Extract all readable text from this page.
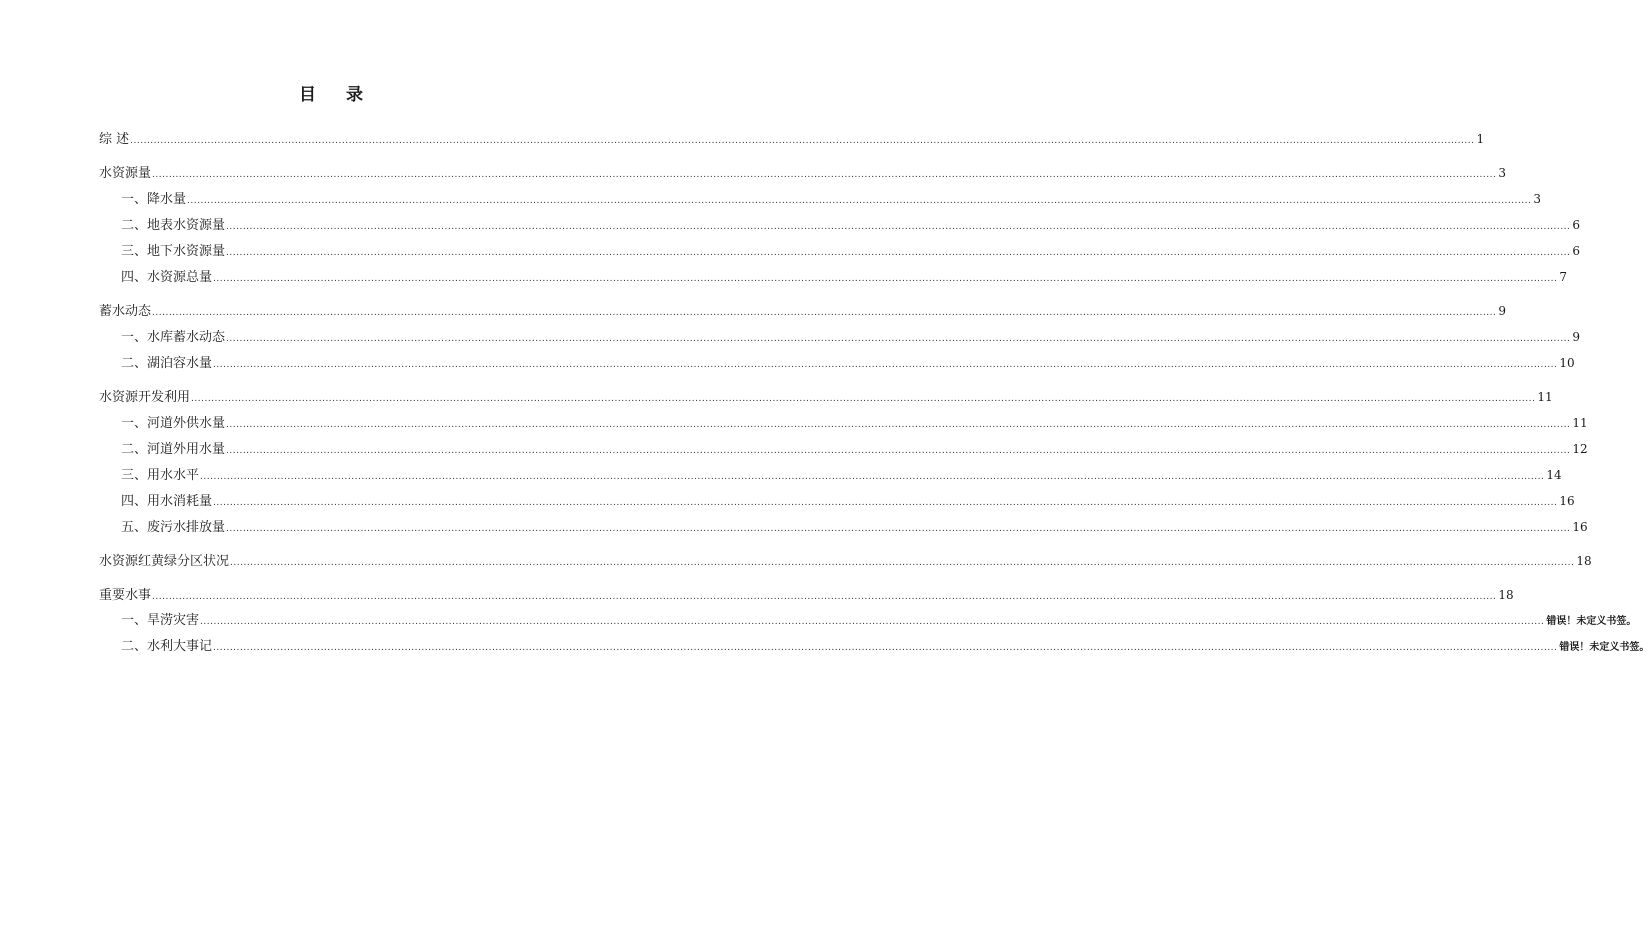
目 录
综 述 ................................................................................................................................................................................................................................................................................................................................................................................................................ 1
水资源量 ................................................................................................................................................................................................................................................................................................................................................................................................................ 3
一、降水量 ................................................................................................................................................................................................................................................................................................................................................................................................................ 3
二、地表水资源量 ................................................................................................................................................................................................................................................................................................................................................................................................................ 6
三、地下水资源量 ................................................................................................................................................................................................................................................................................................................................................................................................................ 6
四、水资源总量 ................................................................................................................................................................................................................................................................................................................................................................................................................ 7
蓄水动态 ................................................................................................................................................................................................................................................................................................................................................................................................................ 9
一、水库蓄水动态 ................................................................................................................................................................................................................................................................................................................................................................................................................ 9
二、湖泊容水量 ................................................................................................................................................................................................................................................................................................................................................................................................................ 10
水资源开发利用 ................................................................................................................................................................................................................................................................................................................................................................................................................ 11
一、河道外供水量 ................................................................................................................................................................................................................................................................................................................................................................................................................ 11
二、河道外用水量 ................................................................................................................................................................................................................................................................................................................................................................................................................ 12
三、用水水平 ................................................................................................................................................................................................................................................................................................................................................................................................................ 14
四、用水消耗量 ................................................................................................................................................................................................................................................................................................................................................................................................................ 16
五、废污水排放量 ................................................................................................................................................................................................................................................................................................................................................................................................................ 16
水资源红黄绿分区状况 ................................................................................................................................................................................................................................................................................................................................................................................................................ 18
重要水事 ................................................................................................................................................................................................................................................................................................................................................................................................................ 18
一、旱涝灾害 ................................................................................................................................................................................................................................................................................................................................................................................................................ 错误！未定义书签。
二、水利大事记 ................................................................................................................................................................................................................................................................................................................................................................................................................ 错误！未定义书签。
